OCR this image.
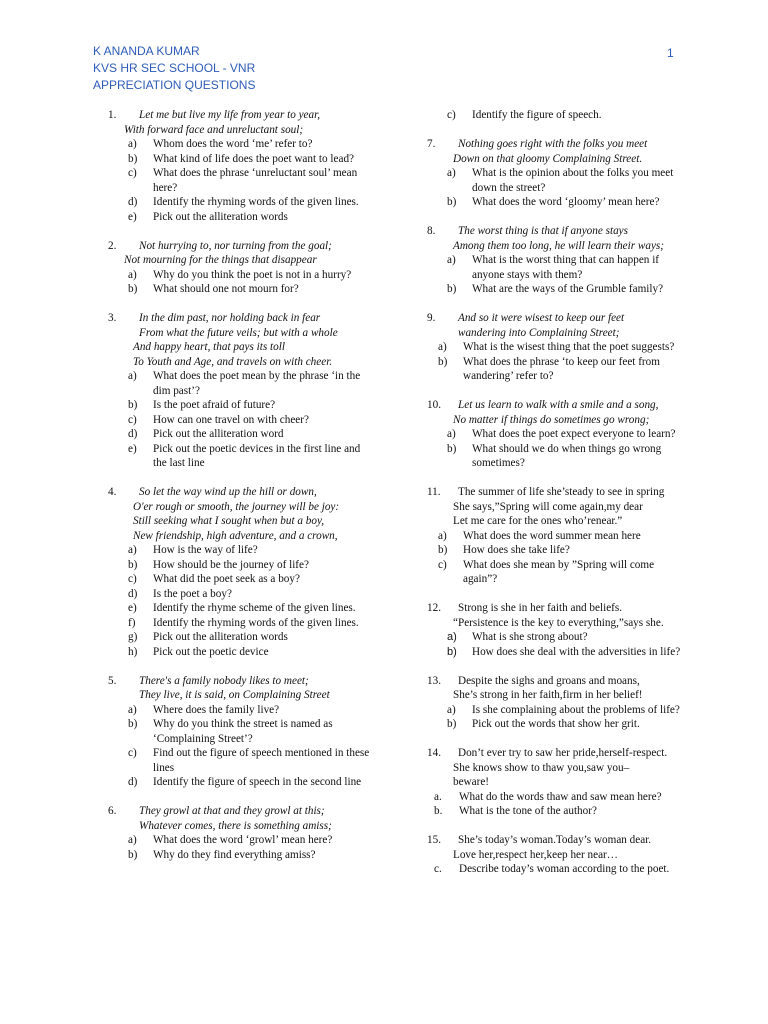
K ANANDA KUMAR
KVS HR SEC SCHOOL - VNR
APPRECIATION QUESTIONS
1
1. Let me but live my life from year to year,
With forward face and unreluctant soul;
a) Whom does the word ‘me’ refer to?
b) What kind of life does the poet want to lead?
c) What does the phrase ‘unreluctant soul’ mean here?
d) Identify the rhyming words of the given lines.
e) Pick out the alliteration words
2. Not hurrying to, nor turning from the goal;
Not mourning for the things that disappear
a) Why do you think the poet is not in a hurry?
b) What should one not mourn for?
3. In the dim past, nor holding back in fear
From what the future veils; but with a whole
And happy heart, that pays its toll
To Youth and Age, and travels on with cheer.
a) What does the poet mean by the phrase ‘in the dim past’?
b) Is the poet afraid of future?
c) How can one travel on with cheer?
d) Pick out the alliteration word
e) Pick out the poetic devices in the first line and the last line
4. So let the way wind up the hill or down,
O'er rough or smooth, the journey will be joy:
Still seeking what I sought when but a boy,
New friendship, high adventure, and a crown,
a) How is the way of life?
b) How should be the journey of life?
c) What did the poet seek as a boy?
d) Is the poet a boy?
e) Identify the rhyme scheme of the given lines.
f) Identify the rhyming words of the given lines.
g) Pick out the alliteration words
h) Pick out the poetic device
5. There's a family nobody likes to meet;
They live, it is said, on Complaining Street
a) Where does the family live?
b) Why do you think the street is named as ‘Complaining Street’?
c) Find out the figure of speech mentioned in these lines
d) Identify the figure of speech in the second line
6. They growl at that and they growl at this;
Whatever comes, there is something amiss;
a) What does the word ‘growl’ mean here?
b) Why do they find everything amiss?
c) Identify the figure of speech.
7. Nothing goes right with the folks you meet
Down on that gloomy Complaining Street.
a) What is the opinion about the folks you meet down the street?
b) What does the word ‘gloomy’ mean here?
8. The worst thing is that if anyone stays
Among them too long, he will learn their ways;
a) What is the worst thing that can happen if anyone stays with them?
b) What are the ways of the Grumble family?
9. And so it were wisest to keep our feet
wandering into Complaining Street;
a) What is the wisest thing that the poet suggests?
b) What does the phrase ‘to keep our feet from wandering’ refer to?
10. Let us learn to walk with a smile and a song,
No matter if things do sometimes go wrong;
a) What does the poet expect everyone to learn?
b) What should we do when things go wrong sometimes?
11. The summer of life she’steady to see in spring
She says,”Spring will come again,my dear
Let me care for the ones who’renear.”
a) What does the word summer mean here
b) How does she take life?
c) What does she mean by ”Spring will come again”?
12. Strong is she in her faith and beliefs.
“Persistence is the key to everything,”says she.
a) What is she strong about?
b) How does she deal with the adversities in life?
13. Despite the sighs and groans and moans,
She’s strong in her faith,firm in her belief!
a) Is she complaining about the problems of life?
b) Pick out the words that show her grit.
14. Don’t ever try to saw her pride,herself-respect.
She knows show to thaw you,saw you–
beware!
a. What do the words thaw and saw mean here?
b. What is the tone of the author?
15. She’s today’s woman.Today’s woman dear.
Love her,respect her,keep her near…
c. Describe today’s woman according to the poet.
